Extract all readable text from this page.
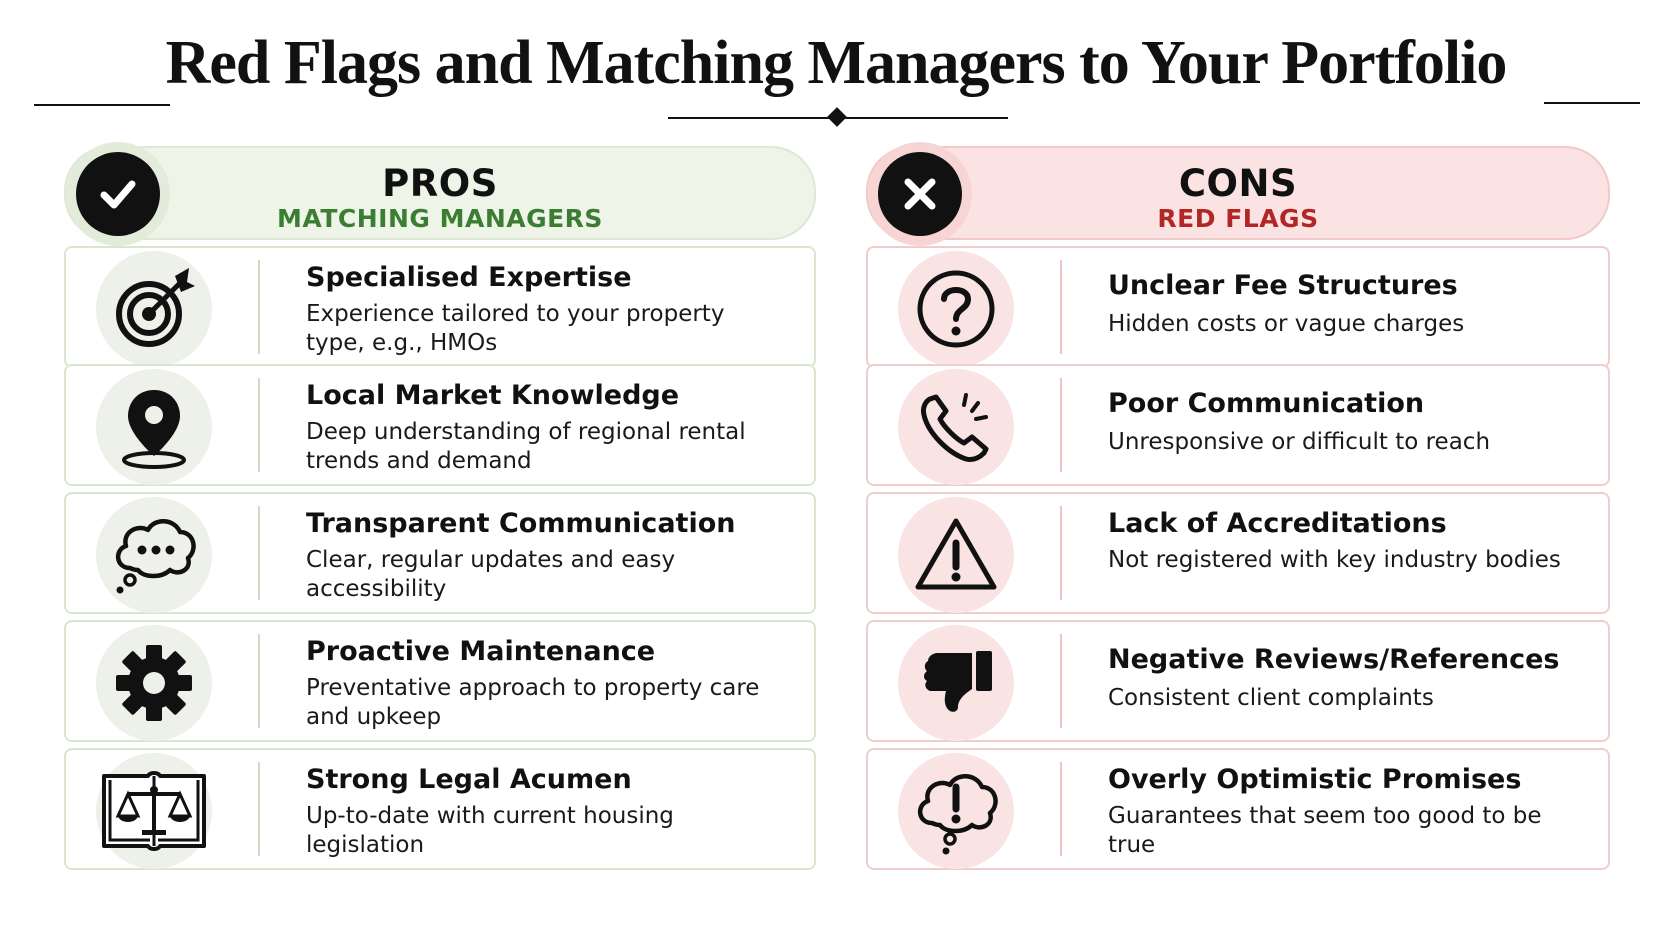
Red Flags and Matching Managers to Your Portfolio
PROS
MATCHING MANAGERS
Specialised Expertise
Experience tailored to your property type, e.g., HMOs
Local Market Knowledge
Deep understanding of regional rental trends and demand
Transparent Communication
Clear, regular updates and easy accessibility
Proactive Maintenance
Preventative approach to property care and upkeep
Strong Legal Acumen
Up-to-date with current housing legislation
CONS
RED FLAGS
Unclear Fee Structures
Hidden costs or vague charges
Poor Communication
Unresponsive or difficult to reach
Lack of Accreditations
Not registered with key industry bodies
Negative Reviews/References
Consistent client complaints
Overly Optimistic Promises
Guarantees that seem too good to be true
